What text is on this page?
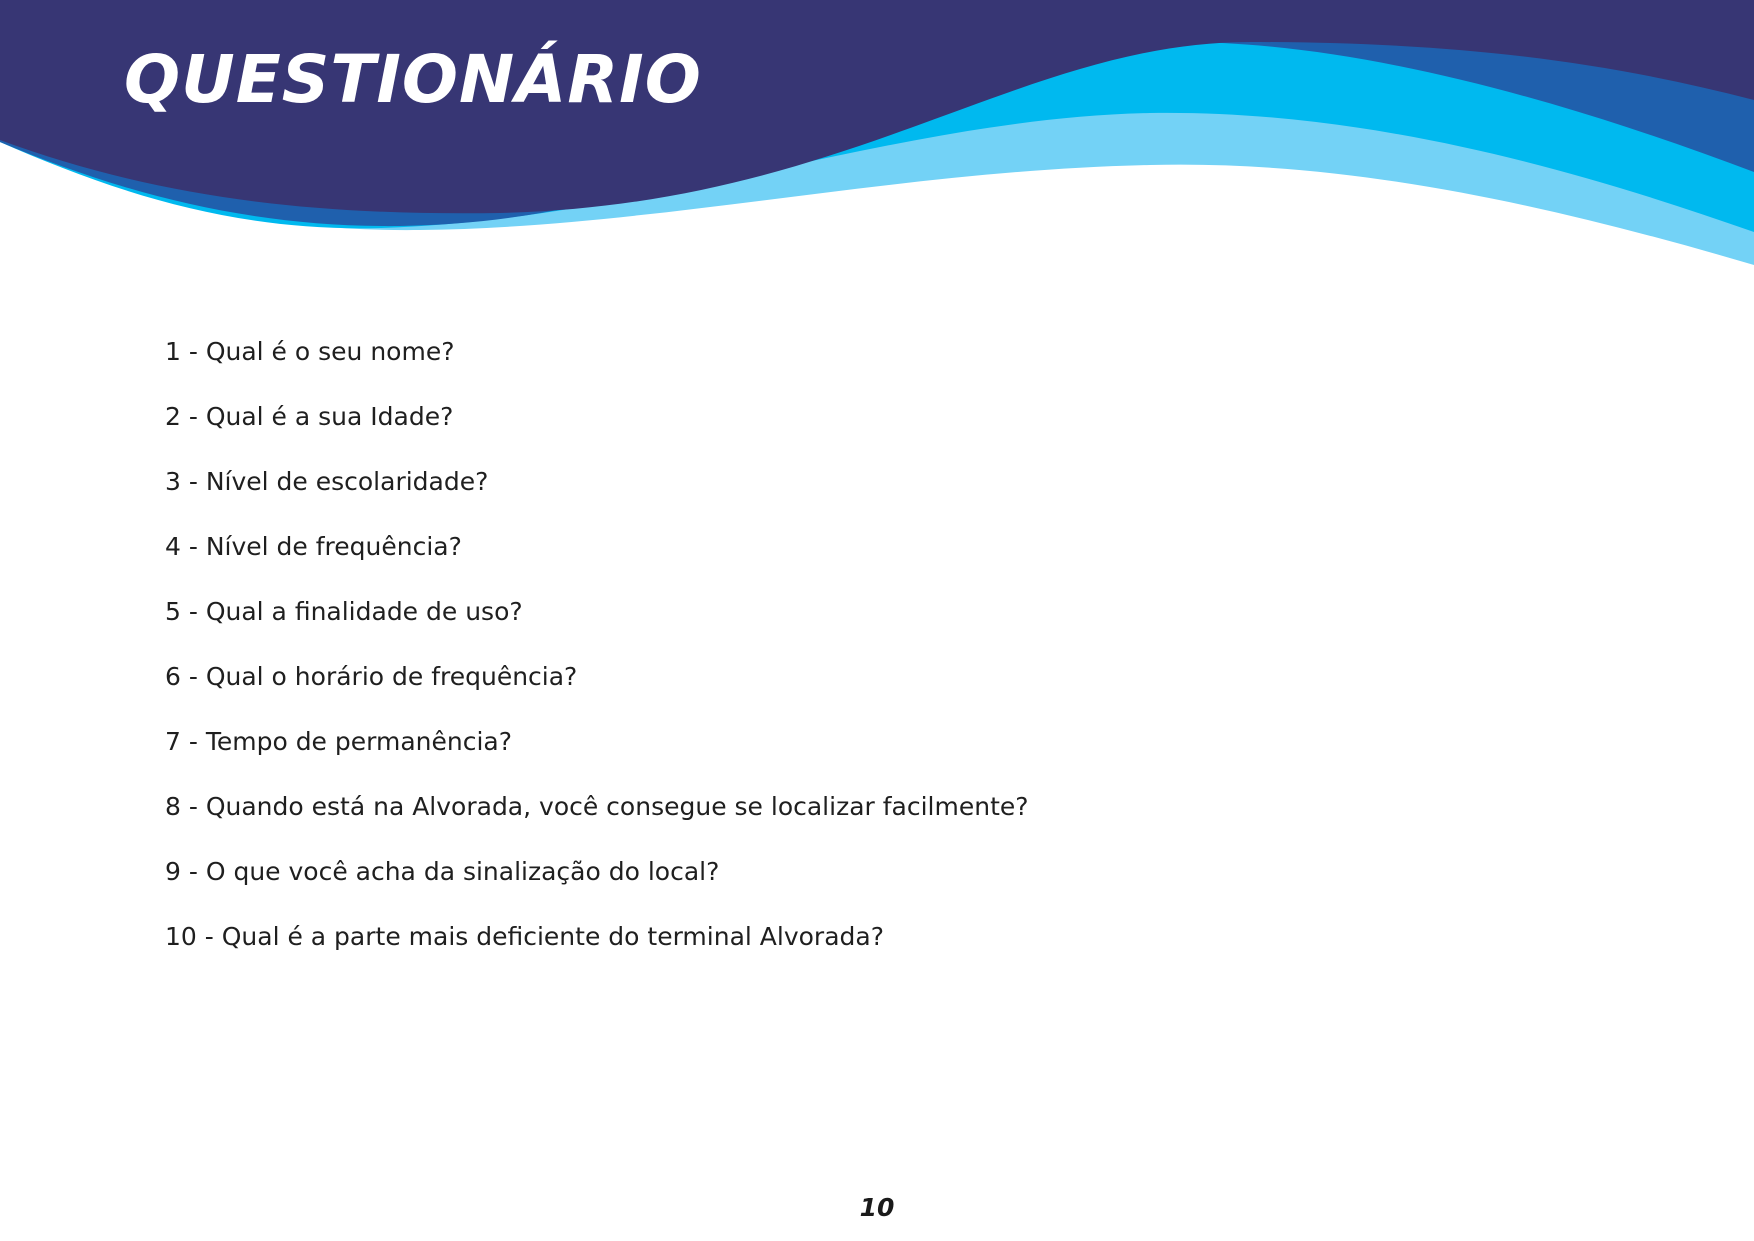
QUESTIONÁRIO
1 - Qual é o seu nome?
2 - Qual é a sua Idade?
3 - Nível de escolaridade?
4 - Nível de frequência?
5 - Qual a finalidade de uso?
6 - Qual o horário de frequência?
7 - Tempo de permanência?
8 - Quando está na Alvorada, você consegue se localizar facilmente?
9 - O que você acha da sinalização do local?
10 - Qual é a parte mais deficiente do terminal Alvorada?
10
